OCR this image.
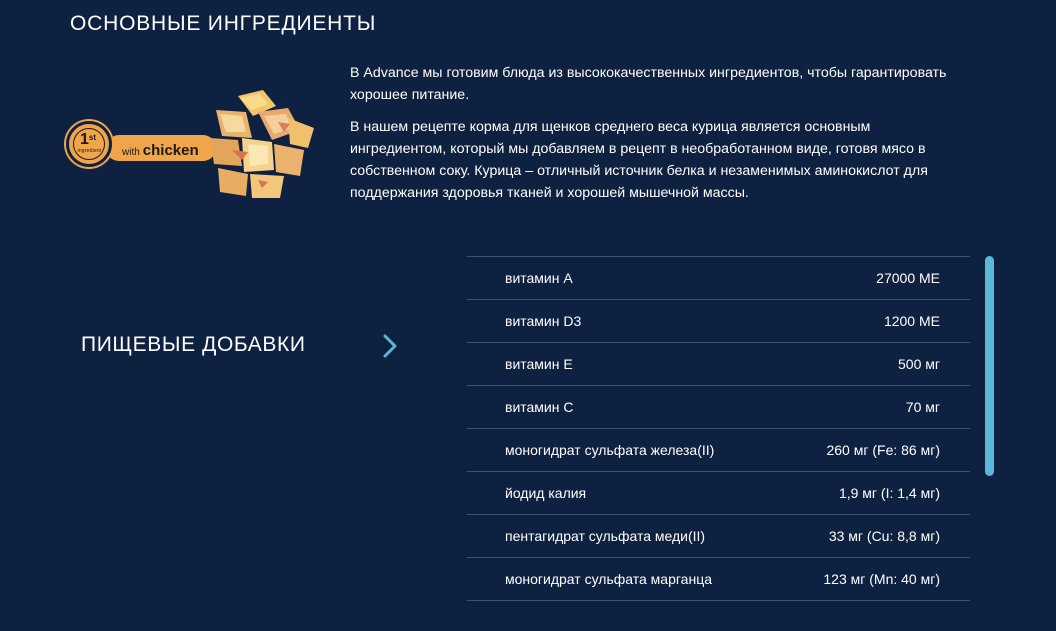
ОСНОВНЫЕ ИНГРЕДИЕНТЫ
1st
ingredient with chicken

В Advance мы готовим блюда из высококачественных ингредиентов, чтобы гарантировать хорошее питание.

В нашем рецепте корма для щенков среднего веса курица является основным ингредиентом, который мы добавляем в рецепт в необработанном виде, готовя мясо в собственном соку. Курица – отличный источник белка и незаменимых аминокислот для поддержания здоровья тканей и хорошей мышечной массы.

ПИЩЕВЫЕ ДОБАВКИ
витамин А	27000 МЕ
витамин D3	1200 МЕ
витамин Е	500 мг
витамин С	70 мг
моногидрат сульфата железа(II)	260 мг (Fe: 86 мг)
йодид калия	1,9 мг (I: 1,4 мг)
пентагидрат сульфата меди(II)	33 мг (Cu: 8,8 мг)
моногидрат сульфата марганца	123 мг (Mn: 40 мг)
